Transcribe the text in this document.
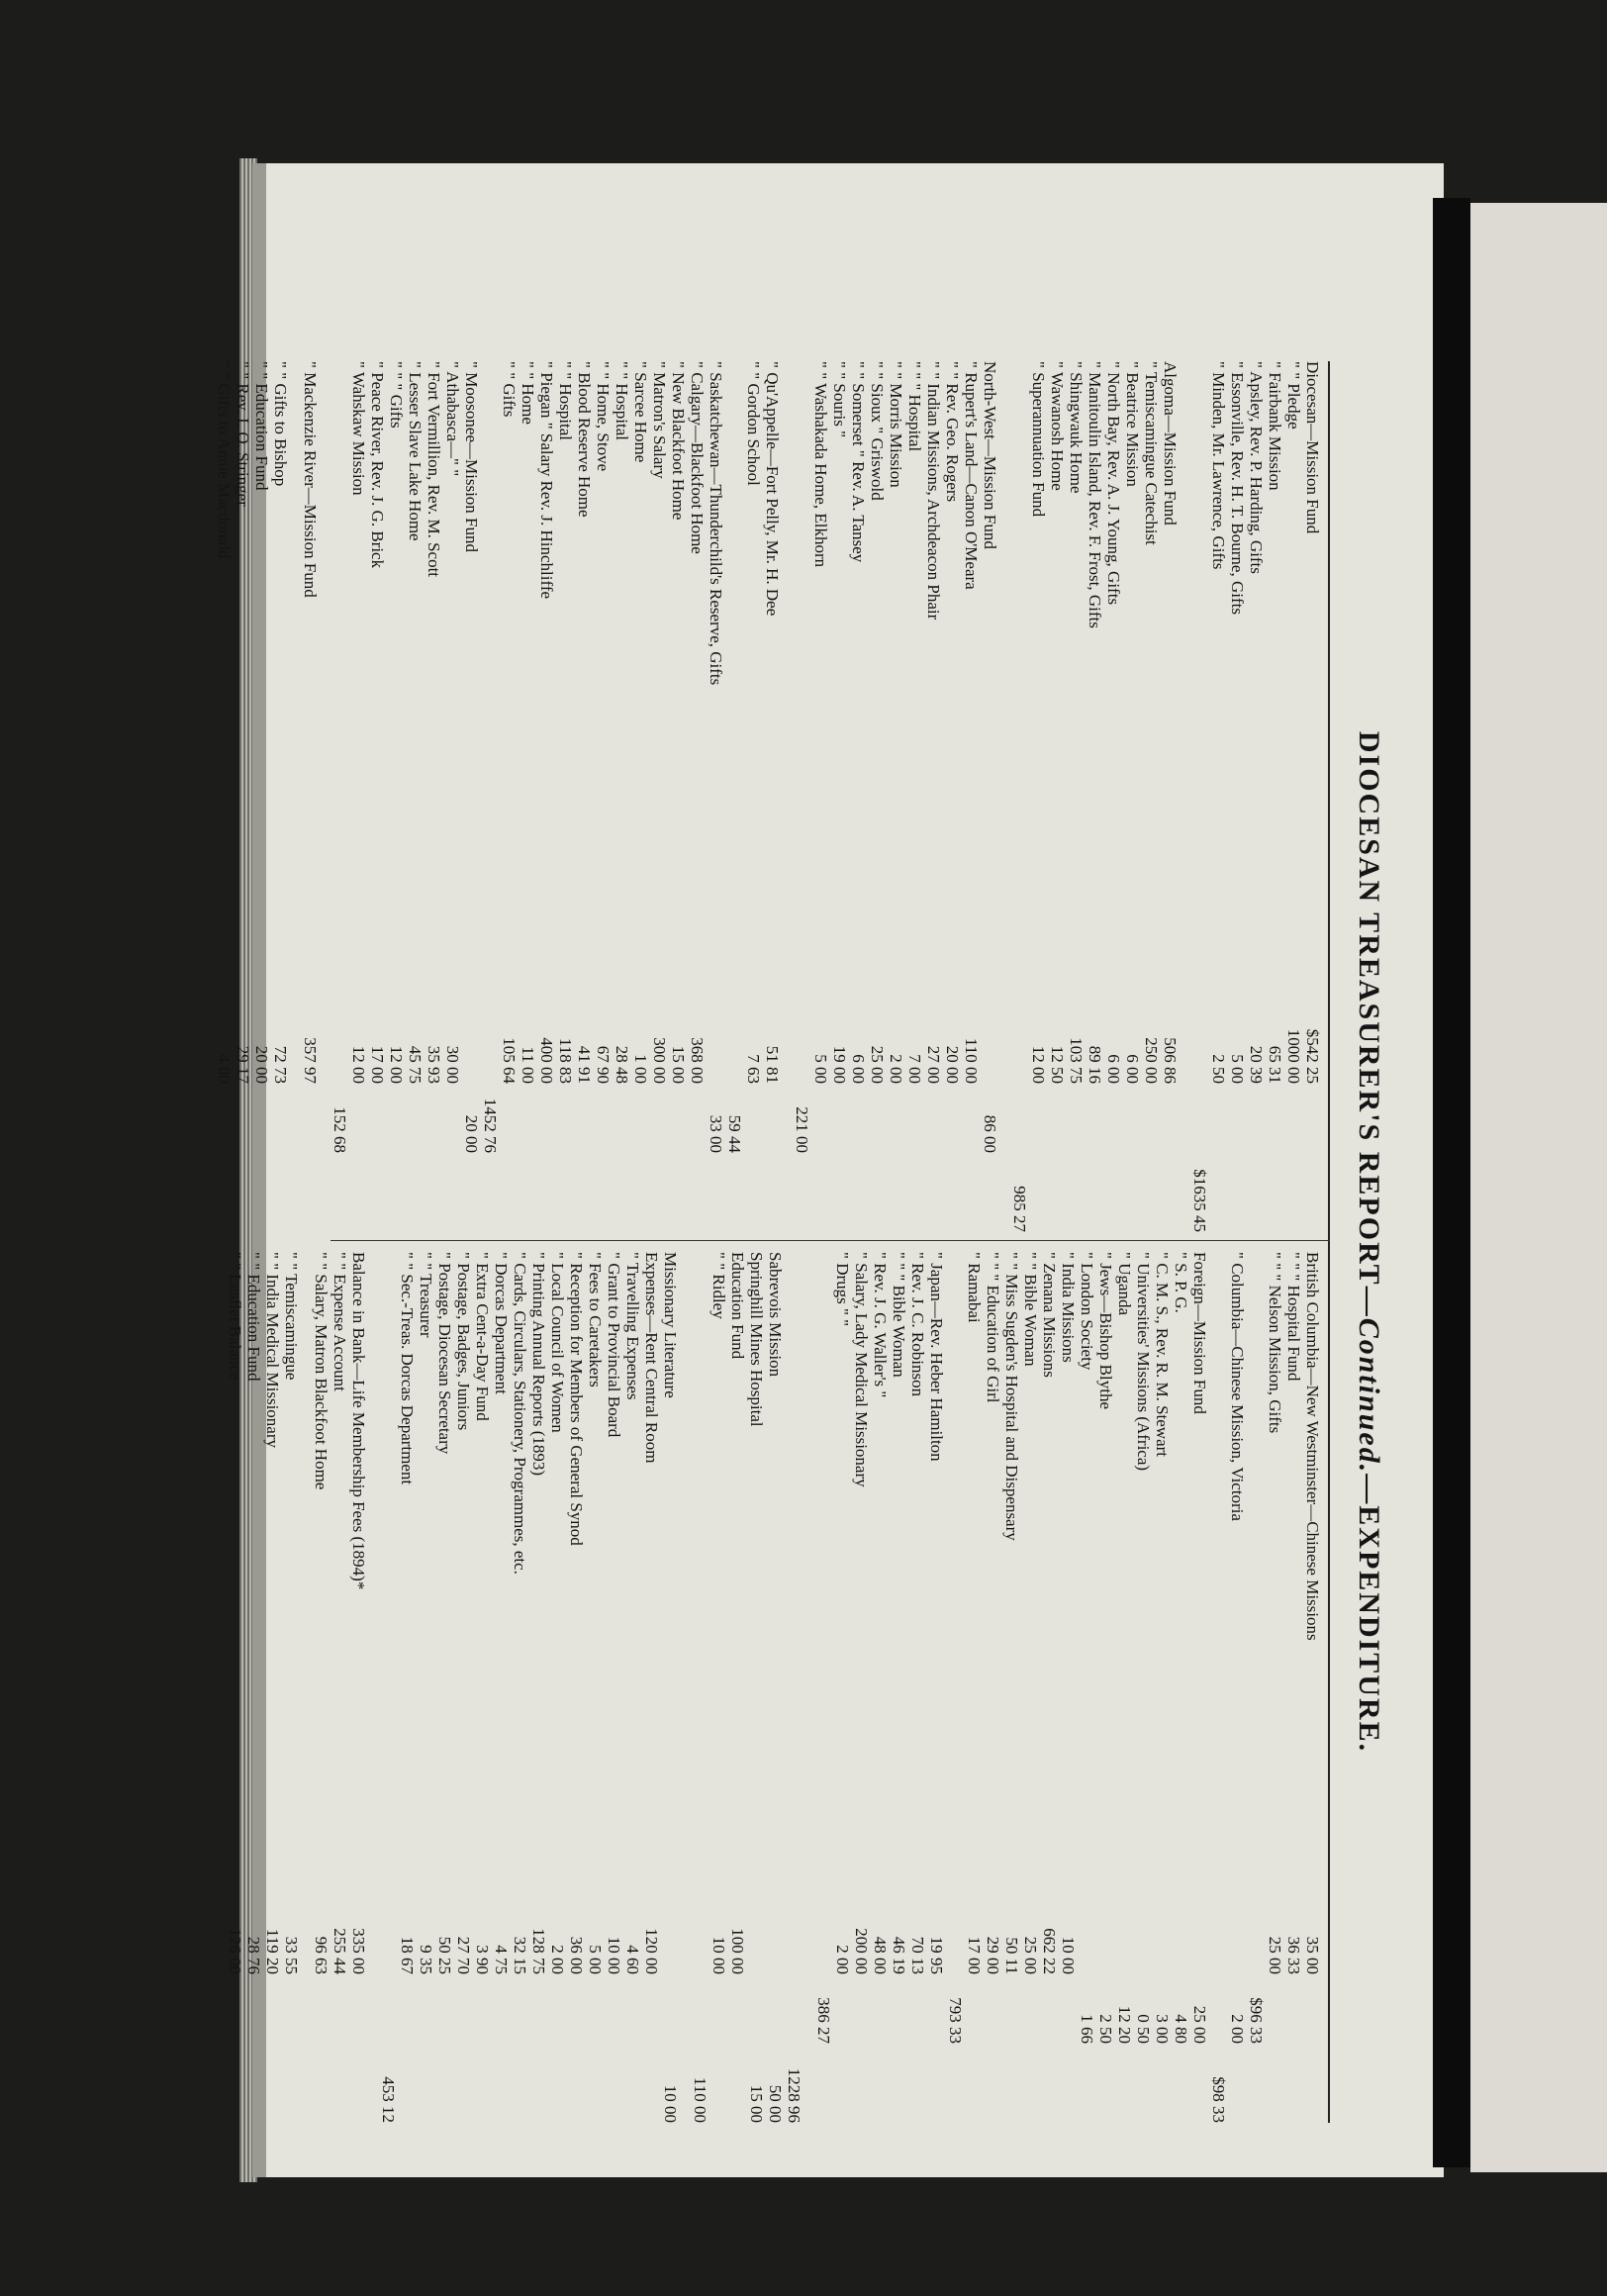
DIOCESAN TREASURER'S REPORT—Continued.—EXPENDITURE.
Diocesan—Mission Fund
$542 25
" " Pledge
1000 00
" Fairbank Mission
65 31
" Apsley, Rev. P. Harding, Gifts
20 39
" Essonville, Rev. H. T. Bourne, Gifts
5 00
" Minden, Mr. Lawrence, Gifts
2 50
$1635 45
Algoma—Mission Fund
506 86
" Temiscamingue Catechist
250 00
" Beatrice Mission
6 00
" North Bay, Rev. A. J. Young, Gifts
6 00
" Manitoulin Island, Rev. F. Frost, Gifts
89 16
" Shingwauk Home
103 75
" Wawanosh Home
12 50
" Superannuation Fund
12 00
985 27
North-West—Mission Fund
86 00
" Rupert's Land—Canon O'Meara
110 00
" " Rev. Geo. Rogers
20 00
" " Indian Missions, Archdeacon Phair
27 00
" " " Hospital
7 00
" " Morris Mission
2 00
" " Sioux " Griswold
25 00
" " Somerset " Rev. A. Tansey
6 00
" " Souris "
19 00
" " Washakada Home, Elkhorn
5 00
221 00
" Qu'Appelle—Fort Pelly, Mr. H. Dee
51 81
" " Gordon School
7 63
59 44
" Saskatchewan—Thunderchild's Reserve, Gifts
33 00
" Calgary—Blackfoot Home
368 00
" New Blackfoot Home
15 00
" Matron's Salary
300 00
" Sarcee Home
1 00
" " Hospital
28 48
" " Home, Stove
67 90
" Blood Reserve Home
41 91
" " Hospital
118 83
" Piegan " Salary Rev. J. Hinchliffe
400 00
" " Home
11 00
" " Gifts
105 64
1452 76
" Moosonee—Mission Fund
20 00
" Athabasca—" "
30 00
" Fort Vermillion, Rev. M. Scott
35 93
" Lesser Slave Lake Home
45 75
" " " Gifts
12 00
" Peace River, Rev. J. G. Brick
17 00
" Wahskaw Mission
12 00
152 68
" Mackenzie River—Mission Fund
357 97
" " Gifts to Bishop
72 73
" " Education Fund
20 00
" " Rev. I. O. Stringer
29 17
" " Gifts to Annie Macdonald
4 00
British Columbia—New Westminster—Chinese Missions
35 00
" " " Hospital Fund
36 33
" " " Nelson Mission, Gifts
25 00
$96 33
" Columbia—Chinese Mission, Victoria
2 00
$98 33
Foreign—Mission Fund
25 00
" S. P. G.
4 80
" C. M. S., Rev. R. M. Stewart
3 00
" Universities' Missions (Africa)
0 50
" Uganda
12 20
" Jews—Bishop Blythe
2 50
" London Society
1 66
" India Missions
10 00
" Zenana Missions
662 22
" " Bible Woman
25 00
" " Miss Sugden's Hospital and Dispensary
50 11
" " " Education of Girl
29 00
" Ramabai
17 00
793 33
" Japan—Rev. Heber Hamilton
19 95
" Rev. J. C. Robinson
70 13
" " " Bible Woman
46 19
" Rev. J. G. Waller's "
48 00
" Salary, Lady Medical Missionary
200 00
" Drugs " "
2 00
386 27
1228 96
Sabrevois Mission
50 00
Springhill Mines Hospital
15 00
Education Fund
100 00
" " Ridley
10 00
110 00
Missionary Literature
10 00
Expenses—Rent Central Room
120 00
" Travelling Expenses
4 60
" Grant to Provincial Board
10 00
" Fees to Caretakers
5 00
" Reception for Members of General Synod
36 00
" Local Council of Women
2 00
" Printing Annual Reports (1893)
128 75
" Cards, Circulars, Stationery, Programmes, etc.
32 15
" Dorcas Department
4 75
" Extra Cent-a-Day Fund
3 90
" Postage, Badges, Juniors
27 70
" Postage, Diocesan Secretary
50 25
" " Treasurer
9 35
" " Sec.-Treas. Dorcas Department
18 67
453 12
Balance in Bank—Life Membership Fees (1894)*
335 00
" " Expense Account
255 44
" " Salary, Matron Blackfoot Home
96 63
" " Temiscamingue
33 55
" " India Medical Missionary
119 20
" " Education Fund
28 76
" " Leaflet Balance
126 00
